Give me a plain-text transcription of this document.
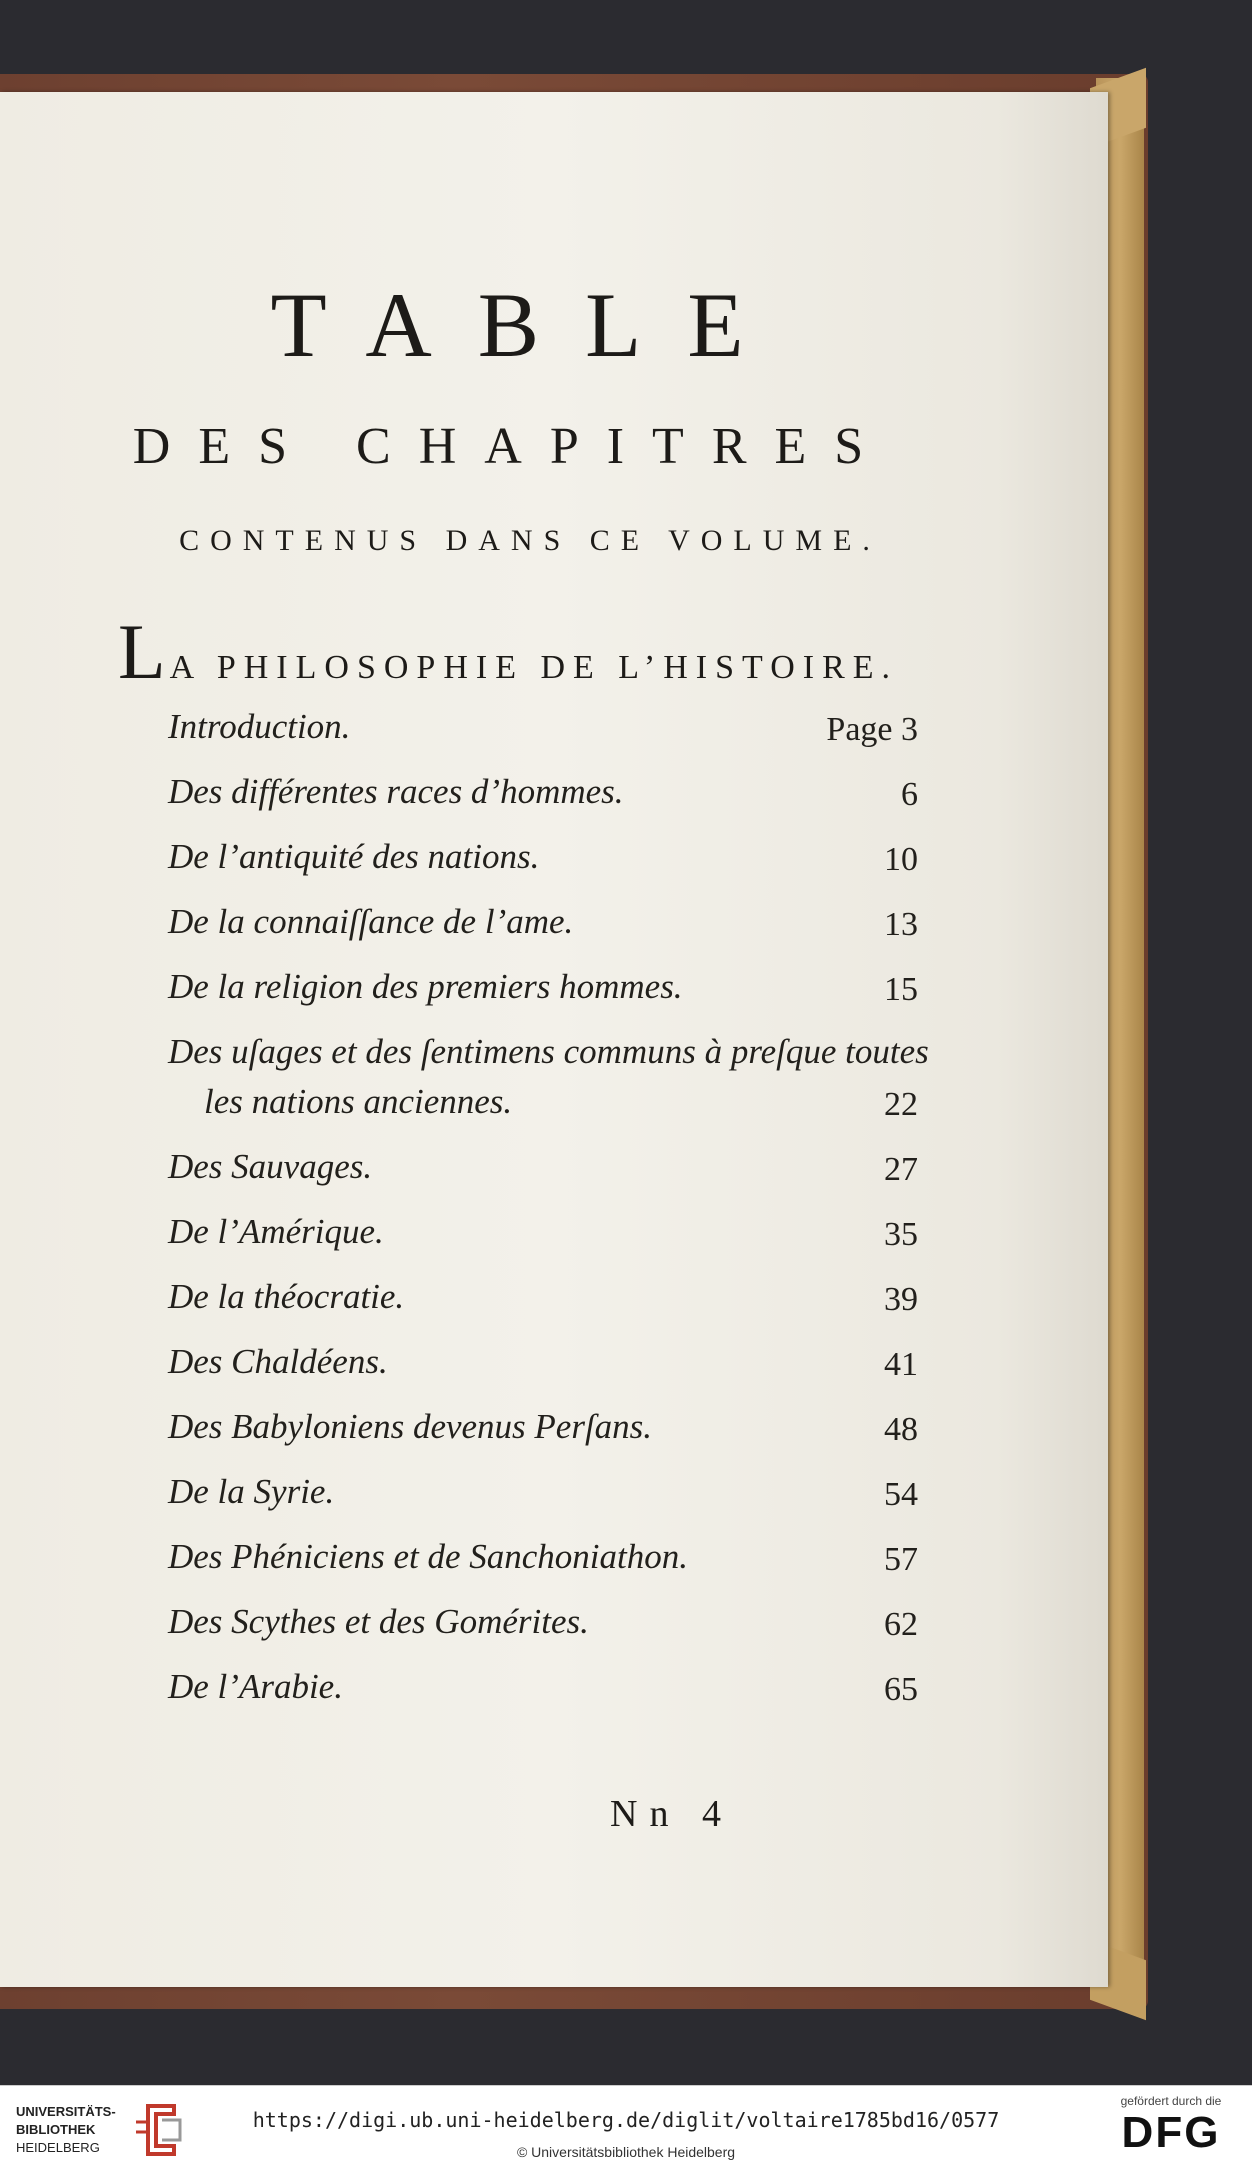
TABLE
DES CHAPITRES
CONTENUS DANS CE VOLUME.
LA PHILOSOPHIE DE L’HISTOIRE.
Introduction.	Page 3
Des différentes races d’hommes.	6
De l’antiquité des nations.	10
De la connaiſſance de l’ame.	13
De la religion des premiers hommes.	15
Des uſages et des ſentimens communs à preſque toutes
les nations anciennes.	22
Des Sauvages.	27
De l’Amérique.	35
De la théocratie.	39
Des Chaldéens.	41
Des Babyloniens devenus Perſans.	48
De la Syrie.	54
Des Phéniciens et de Sanchoniathon.	57
Des Scythes et des Gomérites.	62
De l’Arabie.	65
Nn 4
UNIVERSITÄTS-
BIBLIOTHEK
HEIDELBERG
https://digi.ub.uni-heidelberg.de/diglit/voltaire1785bd16/0577
© Universitätsbibliothek Heidelberg
gefördert durch die
DFG
